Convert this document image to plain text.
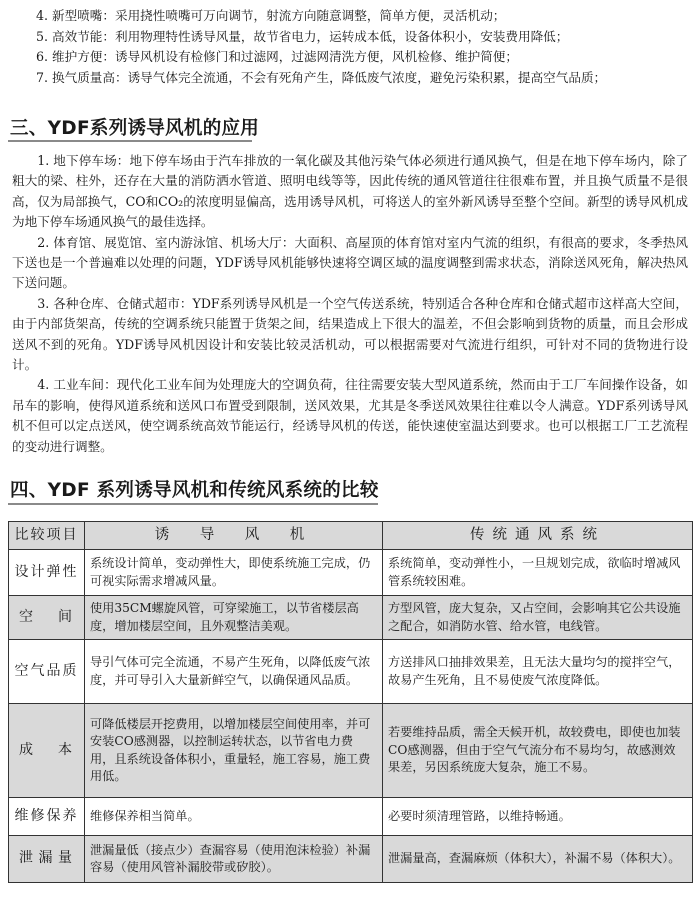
4. 新型喷嘴：采用挠性喷嘴可万向调节，射流方向随意调整，简单方便，灵活机动；

5. 高效节能：利用物理特性诱导风量，故节省电力，运转成本低，设备体积小，安装费用降低；

6. 维护方便：诱导风机设有检修门和过滤网，过滤网清洗方便，风机检修、维护简便；

7. 换气质量高：诱导气体完全流通，不会有死角产生，降低废气浓度，避免污染积累，提高空气品质；

三、YDF系列诱导风机的应用

1. 地下停车场：地下停车场由于汽车排放的一氧化碳及其他污染气体必须进行通风换气，但是在地下停车场内，除了粗大的梁、柱外，还存在大量的消防洒水管道、照明电线等等，因此传统的通风管道往往很难布置，并且换气质量不是很高，仅为局部换气，CO和CO₂的浓度明显偏高，选用诱导风机，可将送人的室外新风诱导至整个空间。新型的诱导风机成为地下停车场通风换气的最佳选择。

2. 体育馆、展览馆、室内游泳馆、机场大厅：大面积、高屋顶的体育馆对室内气流的组织，有很高的要求，冬季热风下送也是一个普遍难以处理的问题，YDF诱导风机能够快速将空调区域的温度调整到需求状态，消除送风死角，解决热风下送问题。

3. 各种仓库、仓储式超市：YDF系列诱导风机是一个空气传送系统，特别适合各种仓库和仓储式超市这样高大空间，由于内部货架高，传统的空调系统只能置于货架之间，结果造成上下很大的温差，不但会影响到货物的质量，而且会形成送风不到的死角。YDF诱导风机因设计和安装比较灵活机动，可以根据需要对气流进行组织，可针对不同的货物进行设计。

4. 工业车间：现代化工业车间为处理庞大的空调负荷，往往需要安装大型风道系统，然而由于工厂车间操作设备，如吊车的影响，使得风道系统和送风口布置受到限制，送风效果，尤其是冬季送风效果往往难以令人满意。YDF系列诱导风机不但可以定点送风，使空调系统高效节能运行，经诱导风机的传送，能快速使室温达到要求。也可以根据工厂工艺流程的变动进行调整。

四、YDF 系列诱导风机和传统风系统的比较
比较项目	诱　导　风　机	传统通风系统
设计弹性	系统设计简单，变动弹性大，即使系统施工完成，仍可视实际需求增减风量。	系统简单，变动弹性小，一旦规划完成，欲临时增减风管系统较困难。
空间	使用35CM螺旋风管，可穿梁施工，以节省楼层高度，增加楼层空间，且外观整洁美观。	方型风管，庞大复杂，又占空间，会影响其它公共设施之配合，如消防水管、给水管，电线管。
空气品质	导引气体可完全流通，不易产生死角，以降低废气浓度，并可导引入大量新鲜空气，以确保通风品质。	方送排风口抽排效果差，且无法大量均匀的搅拌空气，故易产生死角，且不易使废气浓度降低。
成本	可降低楼层开挖费用，以增加楼层空间使用率，并可安装CO感测器，以控制运转状态，以节省电力费用，且系统设备体积小，重量轻，施工容易，施工费用低。	若要维持品质，需全天候开机，故较费电，即使也加装CO感测器，但由于空气气流分布不易均匀，故感测效果差，另因系统庞大复杂，施工不易。
维修保养	维修保养相当简单。	必要时须清理管路，以维持畅通。
泄漏量	泄漏量低（接点少）查漏容易（使用泡沫检验）补漏容易（使用风管补漏胶带或矽胶）。	泄漏量高，查漏麻烦（体积大），补漏不易（体积大）。
